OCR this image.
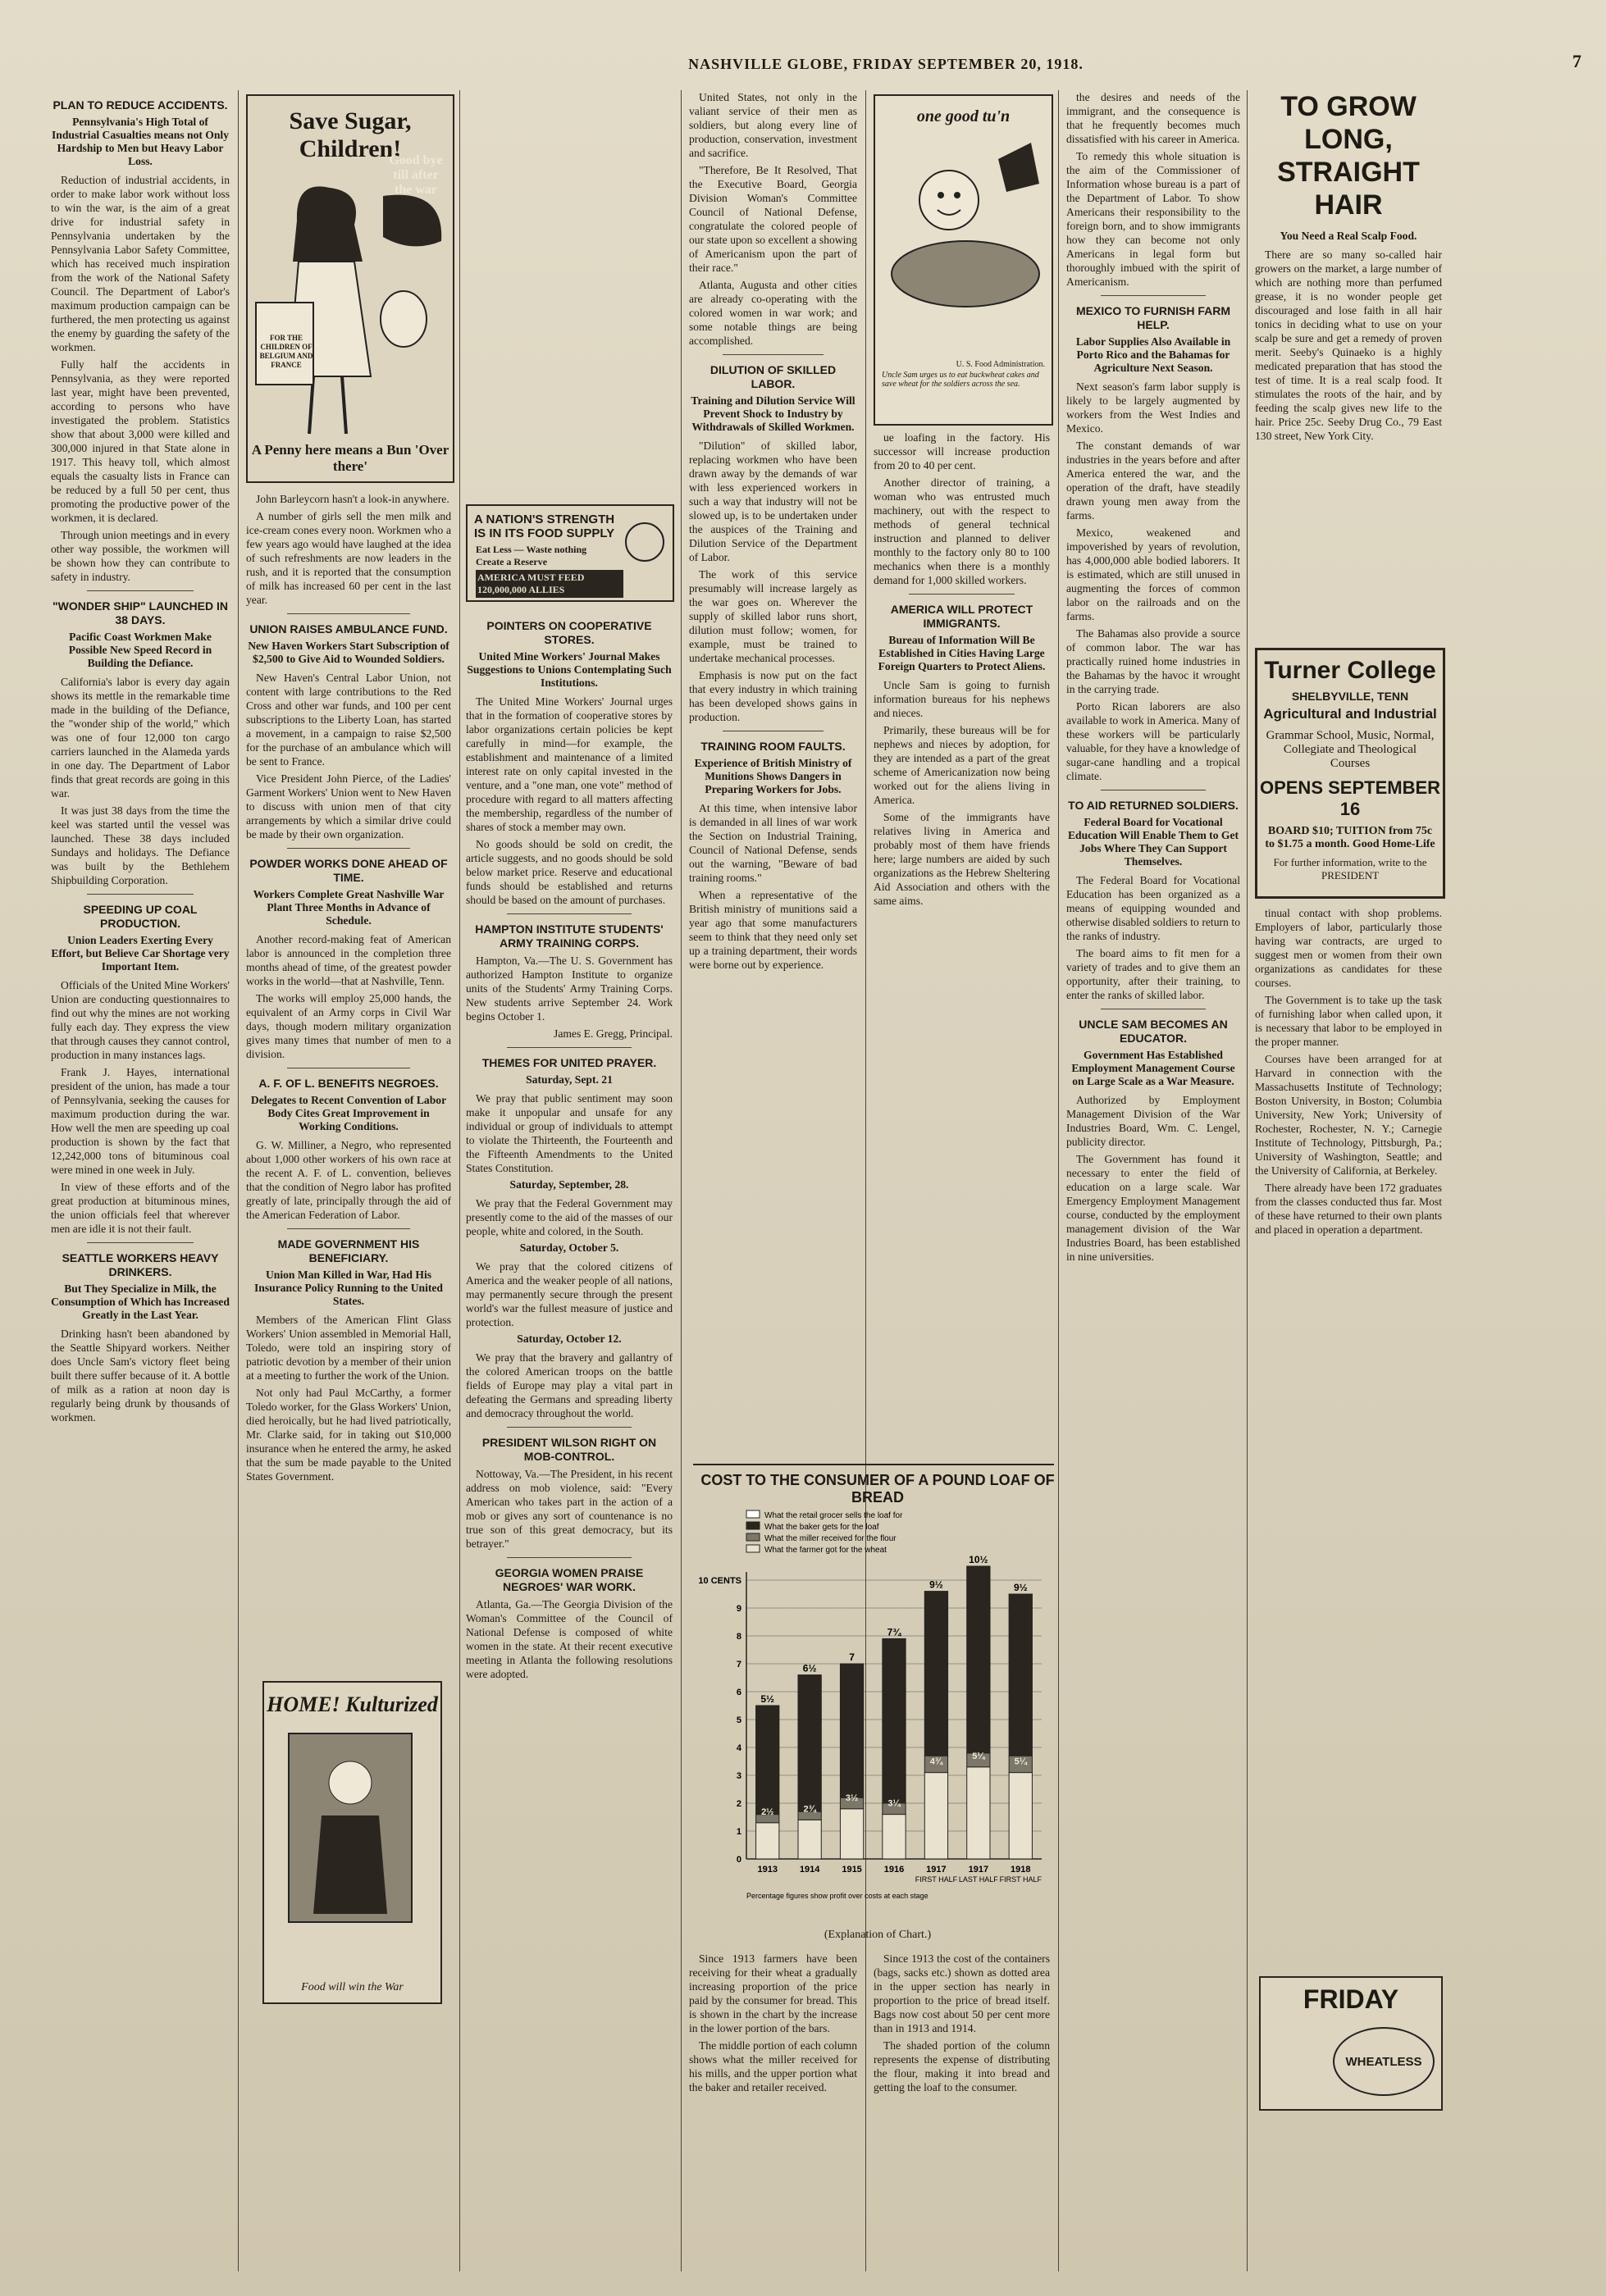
NASHVILLE GLOBE, FRIDAY SEPTEMBER 20, 1918.	7
PLAN TO REDUCE ACCIDENTS.
Pennsylvania's High Total of Industrial Casualties means not Only Hardship to Men but Heavy Labor Loss.

Reduction of industrial accidents, in order to make labor work without loss to win the war, is the aim of a great drive for industrial safety in Pennsylvania undertaken by the Pennsylvania Labor Safety Committee, which has received much inspiration from the work of the National Safety Council. The Department of Labor's maximum production campaign can be furthered, the men protecting us against the enemy by guarding the safety of the workmen.

Fully half the accidents in Pennsylvania, as they were reported last year, might have been prevented, according to persons who have investigated the problem. Statistics show that about 3,000 were killed and 300,000 injured in that State alone in 1917. This heavy toll, which almost equals the casualty lists in France can be reduced by a full 50 per cent, thus promoting the productive power of the workmen, it is declared.

Through union meetings and in every other way possible, the workmen will be shown how they can contribute to safety in industry.

"WONDER SHIP" LAUNCHED IN 38 DAYS.
Pacific Coast Workmen Make Possible New Speed Record in Building the Defiance.

California's labor is every day again shows its mettle in the remarkable time made in the building of the Defiance, the "wonder ship of the world," which was one of four 12,000 ton cargo carriers launched in the Alameda yards in one day. The Department of Labor finds that great records are going in this war.

It was just 38 days from the time the keel was started until the vessel was launched. These 38 days included Sundays and holidays. The Defiance was built by the Bethlehem Shipbuilding Corporation.

SPEEDING UP COAL PRODUCTION.
Union Leaders Exerting Every Effort, but Believe Car Shortage very Important Item.

Officials of the United Mine Workers' Union are conducting questionnaires to find out why the mines are not working fully each day. They express the view that through causes they cannot control, production in many instances lags.

Frank J. Hayes, international president of the union, has made a tour of Pennsylvania, seeking the causes for maximum production during the war. How well the men are speeding up coal production is shown by the fact that 12,242,000 tons of bituminous coal were mined in one week in July.

In view of these efforts and of the great production at bituminous mines, the union officials feel that wherever men are idle it is not their fault.

SEATTLE WORKERS HEAVY DRINKERS.
But They Specialize in Milk, the Consumption of Which has Increased Greatly in the Last Year.

Drinking hasn't been abandoned by the Seattle Shipyard workers. Neither does Uncle Sam's victory fleet being built there suffer because of it. A bottle of milk as a ration at noon day is regularly being drunk by thousands of workmen.

Save Sugar, Children!
Good bye till after the war
FOR THE CHILDREN OF BELGIUM AND FRANCE
A Penny here means a Bun 'Over there'

John Barleycorn hasn't a look-in anywhere.

A number of girls sell the men milk and ice-cream cones every noon. Workmen who a few years ago would have laughed at the idea of such refreshments are now leaders in the rush, and it is reported that the consumption of milk has increased 60 per cent in the last year.

UNION RAISES AMBULANCE FUND.
New Haven Workers Start Subscription of $2,500 to Give Aid to Wounded Soldiers.

New Haven's Central Labor Union, not content with large contributions to the Red Cross and other war funds, and 100 per cent subscriptions to the Liberty Loan, has started a movement, in a campaign to raise $2,500 for the purchase of an ambulance which will be sent to France.

Vice President John Pierce, of the Ladies' Garment Workers' Union went to New Haven to discuss with union men of that city arrangements by which a similar drive could be made by their own organization.

POWDER WORKS DONE AHEAD OF TIME.
Workers Complete Great Nashville War Plant Three Months in Advance of Schedule.

Another record-making feat of American labor is announced in the completion three months ahead of time, of the greatest powder works in the world—that at Nashville, Tenn.

The works will employ 25,000 hands, the equivalent of an Army corps in Civil War days, though modern military organization gives many times that number of men to a division.

A. F. OF L. BENEFITS NEGROES.
Delegates to Recent Convention of Labor Body Cites Great Improvement in Working Conditions.

G. W. Milliner, a Negro, who represented about 1,000 other workers of his own race at the recent A. F. of L. convention, believes that the condition of Negro labor has profited greatly of late, principally through the aid of the American Federation of Labor.

MADE GOVERNMENT HIS BENEFICIARY.
Union Man Killed in War, Had His Insurance Policy Running to the United States.

Members of the American Flint Glass Workers' Union assembled in Memorial Hall, Toledo, were told an inspiring story of patriotic devotion by a member of their union at a meeting to further the work of the Union.

Not only had Paul McCarthy, a former Toledo worker, for the Glass Workers' Union, died heroically, but he had lived patriotically, Mr. Clarke said, for in taking out $10,000 insurance when he entered the army, he asked that the sum be made payable to the United States Government.

HOME! Kulturized
Food will win the War
A NATION'S STRENGTH IS IN ITS FOOD SUPPLY
Eat Less — Waste nothing
Create a Reserve
AMERICA MUST FEED 120,000,000 ALLIES
POINTERS ON COOPERATIVE STORES.
United Mine Workers' Journal Makes Suggestions to Unions Contemplating Such Institutions.

The United Mine Workers' Journal urges that in the formation of cooperative stores by labor organizations certain policies be kept carefully in mind—for example, the establishment and maintenance of a limited interest rate on only capital invested in the venture, and a "one man, one vote" method of procedure with regard to all matters affecting the membership, regardless of the number of shares of stock a member may own.

No goods should be sold on credit, the article suggests, and no goods should be sold below market price. Reserve and educational funds should be established and returns should be based on the amount of purchases.

HAMPTON INSTITUTE STUDENTS' ARMY TRAINING CORPS.

Hampton, Va.—The U. S. Government has authorized Hampton Institute to organize units of the Students' Army Training Corps. New students arrive September 24. Work begins October 1.

James E. Gregg, Principal.

THEMES FOR UNITED PRAYER.
Saturday, Sept. 21

We pray that public sentiment may soon make it unpopular and unsafe for any individual or group of individuals to attempt to violate the Thirteenth, the Fourteenth and the Fifteenth Amendments to the United States Constitution.

Saturday, September, 28.

We pray that the Federal Government may presently come to the aid of the masses of our people, white and colored, in the South.

Saturday, October 5.

We pray that the colored citizens of America and the weaker people of all nations, may permanently secure through the present world's war the fullest measure of justice and protection.

Saturday, October 12.

We pray that the bravery and gallantry of the colored American troops on the battle fields of Europe may play a vital part in defeating the Germans and spreading liberty and democracy throughout the world.

PRESIDENT WILSON RIGHT ON MOB-CONTROL.

Nottoway, Va.—The President, in his recent address on mob violence, said: "Every American who takes part in the action of a mob or gives any sort of countenance is no true son of this great democracy, but its betrayer."

GEORGIA WOMEN PRAISE NEGROES' WAR WORK.

Atlanta, Ga.—The Georgia Division of the Woman's Committee of the Council of National Defense is composed of white women in the state. At their recent executive meeting in Atlanta the following resolutions were adopted.

United States, not only in the valiant service of their men as soldiers, but along every line of production, conservation, investment and sacrifice.

"Therefore, Be It Resolved, That the Executive Board, Georgia Division Woman's Committee Council of National Defense, congratulate the colored people of our state upon so excellent a showing of Americanism upon the part of their race."

Atlanta, Augusta and other cities are already co-operating with the colored women in war work; and some notable things are being accomplished.

DILUTION OF SKILLED LABOR.
Training and Dilution Service Will Prevent Shock to Industry by Withdrawals of Skilled Workmen.

"Dilution" of skilled labor, replacing workmen who have been drawn away by the demands of war with less experienced workers in such a way that industry will not be slowed up, is to be undertaken under the auspices of the Training and Dilution Service of the Department of Labor.

The work of this service presumably will increase largely as the war goes on. Wherever the supply of skilled labor runs short, dilution must follow; women, for example, must be trained to undertake mechanical processes.

Emphasis is now put on the fact that every industry in which training has been developed shows gains in production.

TRAINING ROOM FAULTS.
Experience of British Ministry of Munitions Shows Dangers in Preparing Workers for Jobs.

At this time, when intensive labor is demanded in all lines of war work the Section on Industrial Training, Council of National Defense, sends out the warning, "Beware of bad training rooms."

When a representative of the British ministry of munitions said a year ago that some manufacturers seem to think that they need only set up a training department, their words were borne out by experience.

one good tu'n
U. S. Food Administration.
Uncle Sam urges us to eat buckwheat cakes and save wheat for the soldiers across the sea.

ue loafing in the factory. His successor will increase production from 20 to 40 per cent.

Another director of training, a woman who was entrusted much machinery, out with the respect to methods of general technical instruction and planned to deliver monthly to the factory only 80 to 100 mechanics when there is a monthly demand for 1,000 skilled workers.

AMERICA WILL PROTECT IMMIGRANTS.
Bureau of Information Will Be Established in Cities Having Large Foreign Quarters to Protect Aliens.

Uncle Sam is going to furnish information bureaus for his nephews and nieces.

Primarily, these bureaus will be for nephews and nieces by adoption, for they are intended as a part of the great scheme of Americanization now being worked out for the aliens living in America.

Some of the immigrants have relatives living in America and probably most of them have friends here; large numbers are aided by such organizations as the Hebrew Sheltering Aid Association and others with the same aims.

COST TO THE CONSUMER OF A POUND LOAF OF BREAD
What the retail grocer sells the loaf for
What the baker gets for the loaf
What the miller received for the flour
What the farmer got for the wheat
0
1
2
3
4
5
6
7
8
9
10 CENTS
5½
2½
1913
6½
2¾
1914
7
3½
1915
7¾
3¼
1916
9½
4¾
1917
FIRST HALF
10½
5¼
1917
LAST HALF
9½
5¼
1918
FIRST HALF
Percentage figures show profit over costs at each stage
(Explanation of Chart.)

Since 1913 farmers have been receiving for their wheat a gradually increasing proportion of the price paid by the consumer for bread. This is shown in the chart by the increase in the lower portion of the bars.

The middle portion of each column shows what the miller received for his mills, and the upper portion what the baker and retailer received.

Since 1913 the cost of the containers (bags, sacks etc.) shown as dotted area in the upper section has nearly in proportion to the price of bread itself. Bags now cost about 50 per cent more than in 1913 and 1914.

The shaded portion of the column represents the expense of distributing the flour, making it into bread and getting the loaf to the consumer.

the desires and needs of the immigrant, and the consequence is that he frequently becomes much dissatisfied with his career in America.

To remedy this whole situation is the aim of the Commissioner of Information whose bureau is a part of the Department of Labor. To show Americans their responsibility to the foreign born, and to show immigrants how they can become not only Americans in legal form but thoroughly imbued with the spirit of Americanism.

MEXICO TO FURNISH FARM HELP.
Labor Supplies Also Available in Porto Rico and the Bahamas for Agriculture Next Season.

Next season's farm labor supply is likely to be largely augmented by workers from the West Indies and Mexico.

The constant demands of war industries in the years before and after America entered the war, and the operation of the draft, have steadily drawn young men away from the farms.

Mexico, weakened and impoverished by years of revolution, has 4,000,000 able bodied laborers. It is estimated, which are still unused in augmenting the forces of common labor on the railroads and on the farms.

The Bahamas also provide a source of common labor. The war has practically ruined home industries in the Bahamas by the havoc it wrought in the carrying trade.

Porto Rican laborers are also available to work in America. Many of these workers will be particularly valuable, for they have a knowledge of sugar-cane handling and a tropical climate.

TO AID RETURNED SOLDIERS.
Federal Board for Vocational Education Will Enable Them to Get Jobs Where They Can Support Themselves.

The Federal Board for Vocational Education has been organized as a means of equipping wounded and otherwise disabled soldiers to return to the ranks of industry.

The board aims to fit men for a variety of trades and to give them an opportunity, after their training, to enter the ranks of skilled labor.

UNCLE SAM BECOMES AN EDUCATOR.
Government Has Established Employment Management Course on Large Scale as a War Measure.

Authorized by Employment Management Division of the War Industries Board, Wm. C. Lengel, publicity director.

The Government has found it necessary to enter the field of education on a large scale. War Emergency Employment Management course, conducted by the employment management division of the War Industries Board, has been established in nine universities.

TO GROW LONG, STRAIGHT HAIR
You Need a Real Scalp Food.

There are so many so-called hair growers on the market, a large number of which are nothing more than perfumed grease, it is no wonder people get discouraged and lose faith in all hair tonics in deciding what to use on your scalp be sure and get a remedy of proven merit. Seeby's Quinaeko is a highly medicated preparation that has stood the test of time. It is a real scalp food. It stimulates the roots of the hair, and by feeding the scalp gives new life to the hair. Price 25c. Seeby Drug Co., 79 East 130 street, New York City.

Turner College
SHELBYVILLE, TENN
Agricultural and Industrial
Grammar School, Music, Normal, Collegiate and Theological Courses
OPENS SEPTEMBER 16
BOARD $10; TUITION from 75c to $1.75 a month. Good Home-Life
For further information, write to the PRESIDENT

tinual contact with shop problems. Employers of labor, particularly those having war contracts, are urged to suggest men or women from their own organizations as candidates for these courses.

The Government is to take up the task of furnishing labor when called upon, it is necessary that labor to be employed in the proper manner.

Courses have been arranged for at Harvard in connection with the Massachusetts Institute of Technology; Boston University, in Boston; Columbia University, New York; University of Rochester, Rochester, N. Y.; Carnegie Institute of Technology, Pittsburgh, Pa.; University of Washington, Seattle; and the University of California, at Berkeley.

There already have been 172 graduates from the classes conducted thus far. Most of these have returned to their own plants and placed in operation a department.

FRIDAY
WHEATLESS
